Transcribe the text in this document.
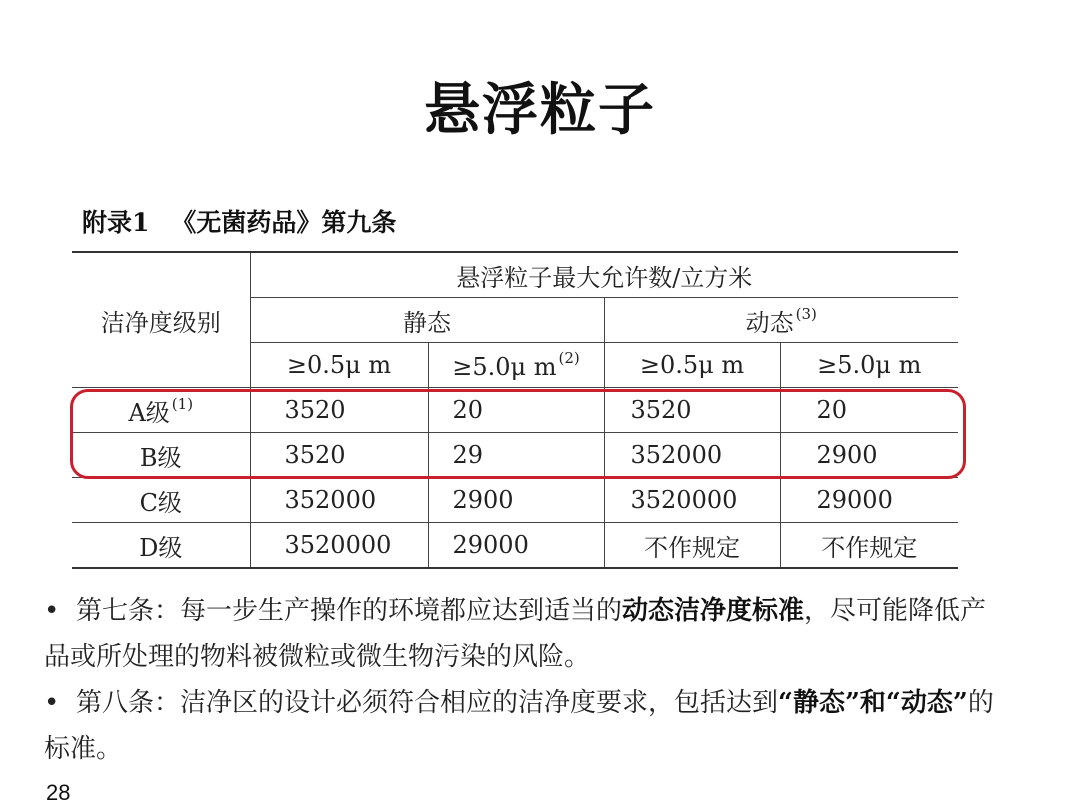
悬浮粒子
附录1 《无菌药品》第九条
洁净度级别	悬浮粒子最大允许数/立方米			
	静态		动态 $^{(3)}$
	≥0.5μ m	≥5.0μ m $^{(2)}$	≥0.5μ m	≥5.0μ m
A级 $^{(1)}$	3520	20	3520	20
B级	3520	29	352000	2900
C级	352000	2900	3520000	29000
D级	3520000	29000	不作规定	不作规定

• 第七条：每一步生产操作的环境都应达到适当的动态洁净度标准，尽可能降低产品或所处理的物料被微粒或微生物污染的风险。

• 第八条：洁净区的设计必须符合相应的洁净度要求，包括达到“静态”和“动态”的标准。

28
